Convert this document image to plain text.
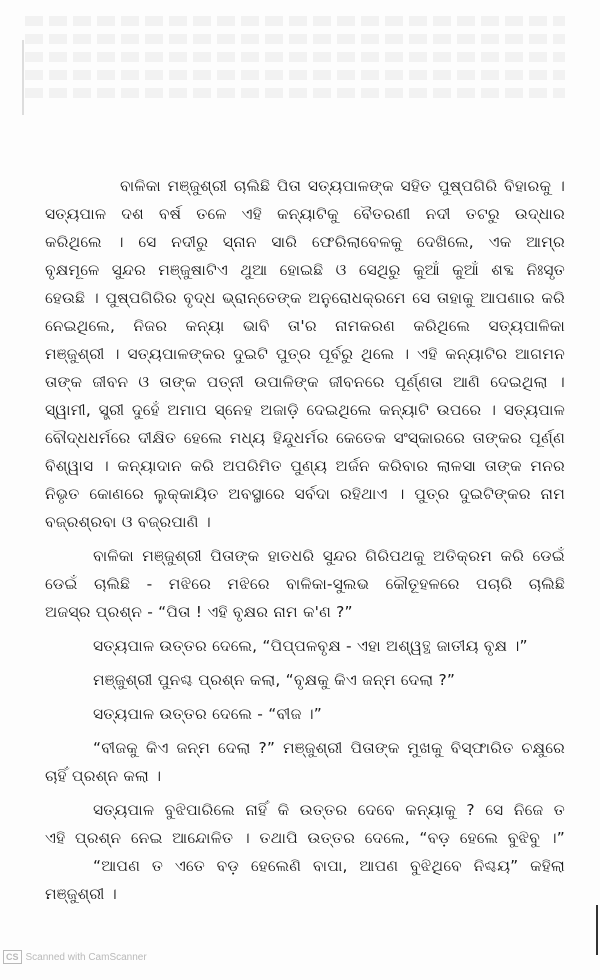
ବାଳିକା ମଞ୍ଜୁଶ୍ରୀ ଚାଲିଛି ପିତା ସତ୍ୟପାଳଙ୍କ ସହିତ ପୁଷ୍ପଗିରି ବିହାରକୁ ।
ସତ୍ୟପାଳ ଦଶ ବର୍ଷ ତଳେ ଏହି କନ୍ୟାଟିକୁ ବୈତରଣୀ ନଦୀ ତଟରୁ ଉଦ୍ଧାର
କରିଥିଲେ । ସେ ନଦୀରୁ ସ୍ନାନ ସାରି ଫେରିଲାବେଳକୁ ଦେଖିଲେ, ଏକ ଆମ୍ର
ବୃକ୍ଷମୂଳେ ସୁନ୍ଦର ମଞ୍ଜୁଷାଟିଏ ଥୁଆ ହୋଇଛି ଓ ସେଥିରୁ କୁଆଁ କୁଆଁ ଶବ୍ଦ ନିଃସୃତ
ହେଉଛି । ପୁଷ୍ପଗିରିର ବୃଦ୍ଧ ଭ୍ରାନ୍ତେଙ୍କ ଅନୁରୋଧକ୍ରମେ ସେ ତାହାକୁ ଆପଣାର କରି
ନେଇଥିଲେ, ନିଜର କନ୍ୟା ଭାବି ତା'ର ନାମକରଣ କରିଥିଲେ ସତ୍ୟପାଳିକା
ମଞ୍ଜୁଶ୍ରୀ । ସତ୍ୟପାଳଙ୍କର ଦୁଇଟି ପୁତ୍ର ପୂର୍ବରୁ ଥିଲେ । ଏହି କନ୍ୟାଟିର ଆଗମନ
ତାଙ୍କ ଜୀବନ ଓ ତାଙ୍କ ପତ୍ନୀ ଉପାଳିଙ୍କ ଜୀବନରେ ପୂର୍ଣ୍ଣତା ଆଣି ଦେଇଥିଲା ।
ସ୍ୱାମୀ, ସ୍ତ୍ରୀ ଦୁହେଁ ଅମାପ ସ୍ନେହ ଅଜାଡ଼ି ଦେଇଥିଲେ କନ୍ୟାଟି ଉପରେ । ସତ୍ୟପାଳ
ବୌଦ୍ଧଧର୍ମରେ ଦୀକ୍ଷିତ ହେଲେ ମଧ୍ୟ ହିନ୍ଦୁଧର୍ମର କେତେକ ସଂସ୍କାରରେ ତାଙ୍କର ପୂର୍ଣ୍ଣ
ବିଶ୍ୱାସ । କନ୍ୟାଦାନ କରି ଅପରିମିତ ପୁଣ୍ୟ ଅର୍ଜନ କରିବାର ଲାଳସା ତାଙ୍କ ମନର
ନିଭୃତ କୋଣରେ ଲୁକ୍କାୟିତ ଅବସ୍ଥାରେ ସର୍ବଦା ରହିଥାଏ । ପୁତ୍ର ଦୁଇଟିଙ୍କର ନାମ
ବଜ୍ରଶ୍ରବା ଓ ବଜ୍ରପାଣି ।
ବାଳିକା ମଞ୍ଜୁଶ୍ରୀ ପିତାଙ୍କ ହାତଧରି ସୁନ୍ଦର ଗିରିପଥକୁ ଅତିକ୍ରମ କରି ଡେଇଁ
ଡେଇଁ ଚାଲିଛି - ମଝିରେ ମଝିରେ ବାଳିକା-ସୁଲଭ କୌତୂହଳରେ ପଚାରି ଚାଲିଛି
ଅଜସ୍ର ପ୍ରଶ୍ନ - “ପିତା ! ଏହି ବୃକ୍ଷର ନାମ କ'ଣ ?”
ସତ୍ୟପାଳ ଉତ୍ତର ଦେଲେ, “ପିପ୍ପଳବୃକ୍ଷ - ଏହା ଅଶ୍ୱତ୍ଥ ଜାତୀୟ ବୃକ୍ଷ ।”
ମଞ୍ଜୁଶ୍ରୀ ପୁନଶ୍ଚ ପ୍ରଶ୍ନ କଲା, “ବୃକ୍ଷକୁ କିଏ ଜନ୍ମ ଦେଲା ?”
ସତ୍ୟପାଳ ଉତ୍ତର ଦେଲେ - “ବୀଜ ।”
“ବୀଜକୁ କିଏ ଜନ୍ମ ଦେଲା ?” ମଞ୍ଜୁଶ୍ରୀ ପିତାଙ୍କ ମୁଖକୁ ବିସ୍ଫାରିତ ଚକ୍ଷୁରେ
ଚାହିଁ ପ୍ରଶ୍ନ କଲା ।
ସତ୍ୟପାଳ ବୁଝିପାରିଲେ ନାହିଁ କି ଉତ୍ତର ଦେବେ କନ୍ୟାକୁ ? ସେ ନିଜେ ତ
ଏହି ପ୍ରଶ୍ନ ନେଇ ଆନ୍ଦୋଳିତ । ତଥାପି ଉତ୍ତର ଦେଲେ, “ବଡ଼ ହେଲେ ବୁଝିବୁ ।”
“ଆପଣ ତ ଏତେ ବଡ଼ ହେଲେଣି ବାପା, ଆପଣ ବୁଝିଥିବେ ନିଶ୍ଚୟ” କହିଲା
ମଞ୍ଜୁଶ୍ରୀ ।
CS Scanned with CamScanner
